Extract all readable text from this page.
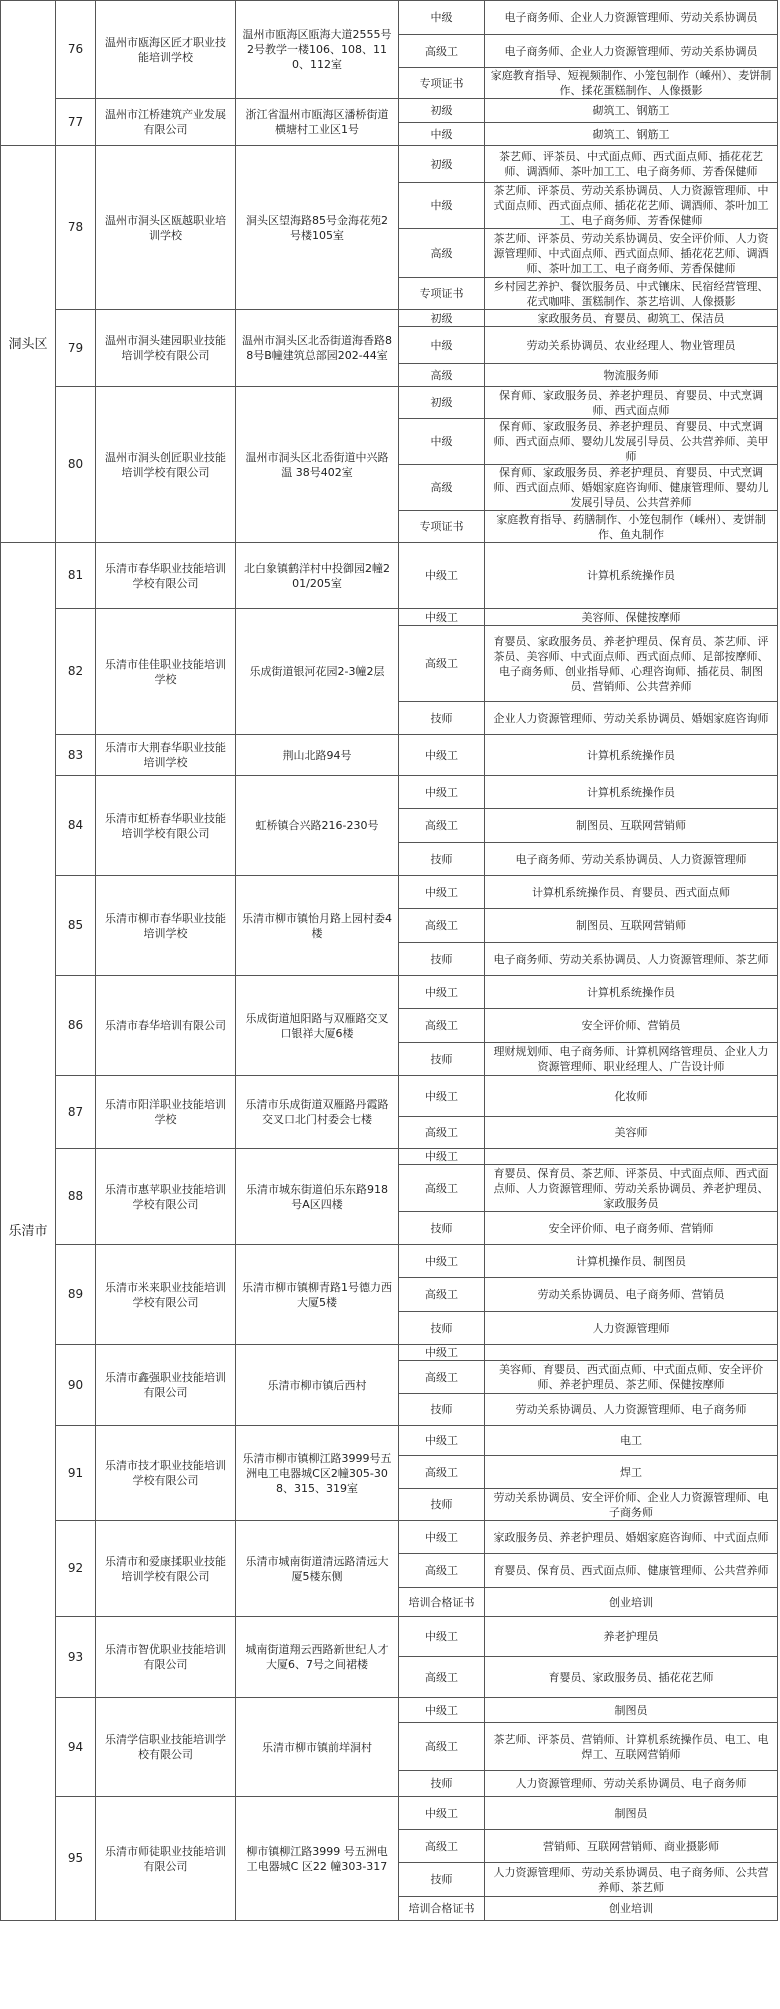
	76	温州市瓯海区匠才职业技能培训学校	温州市瓯海区瓯海大道2555号2号教学一楼106、108、110、112室	中级	电子商务师、企业人力资源管理师、劳动关系协调员
				高级工	电子商务师、企业人力资源管理师、劳动关系协调员
				专项证书	家庭教育指导、短视频制作、小笼包制作（嵊州）、麦饼制作、揉花蛋糕制作、人像摄影
	77	温州市江桥建筑产业发展有限公司	浙江省温州市瓯海区潘桥街道横塘村工业区1号	初级	砌筑工、钢筋工
				中级	砌筑工、钢筋工
洞头区	78	温州市洞头区瓯越职业培训学校	洞头区望海路85号金海花苑2号楼105室	初级	茶艺师、评茶员、中式面点师、西式面点师、插花花艺师、调酒师、茶叶加工工、电子商务师、芳香保健师
				中级	茶艺师、评茶员、劳动关系协调员、人力资源管理师、中式面点师、西式面点师、插花花艺师、调酒师、茶叶加工工、电子商务师、芳香保健师
				高级	茶艺师、评茶员、劳动关系协调员、安全评价师、人力资源管理师、中式面点师、西式面点师、插花花艺师、调酒师、茶叶加工工、电子商务师、芳香保健师
				专项证书	乡村园艺养护、餐饮服务员、中式镶床、民宿经营管理、花式咖啡、蛋糕制作、茶艺培训、人像摄影
	79	温州市洞头建园职业技能培训学校有限公司	温州市洞头区北岙街道海香路88号B幢建筑总部园202-44室	初级	家政服务员、育婴员、砌筑工、保洁员
				中级	劳动关系协调员、农业经理人、物业管理员
				高级	物流服务师
	80	温州市洞头创匠职业技能培训学校有限公司	温州市洞头区北岙街道中兴路 温 38号402室	初级	保育师、家政服务员、养老护理员、育婴员、中式烹调师、西式面点师
				中级	保育师、家政服务员、养老护理员、育婴员、中式烹调师、西式面点师、婴幼儿发展引导员、公共营养师、美甲师
				高级	保育师、家政服务员、养老护理员、育婴员、中式烹调师、西式面点师、婚姻家庭咨询师、健康管理师、婴幼儿发展引导员、公共营养师
				专项证书	家庭教育指导、药膳制作、小笼包制作（嵊州）、麦饼制作、鱼丸制作
乐清市	81	乐清市春华职业技能培训学校有限公司	北白象镇鹤洋村中投御园2幢201/205室	中级工	计算机系统操作员
	82	乐清市佳佳职业技能培训学校	乐成街道银河花园2-3幢2层	中级工	美容师、保健按摩师
				高级工	育婴员、家政服务员、养老护理员、保育员、茶艺师、评茶员、美容师、中式面点师、西式面点师、足部按摩师、电子商务师、创业指导师、心理咨询师、插花员、制图员、营销师、公共营养师
				技师	企业人力资源管理师、劳动关系协调员、婚姻家庭咨询师
	83	乐清市大荆春华职业技能培训学校	荆山北路94号	中级工	计算机系统操作员
	84	乐清市虹桥春华职业技能培训学校有限公司	虹桥镇合兴路216-230号	中级工	计算机系统操作员
				高级工	制图员、互联网营销师
				技师	电子商务师、劳动关系协调员、人力资源管理师
	85	乐清市柳市春华职业技能培训学校	乐清市柳市镇怡月路上园村委4楼	中级工	计算机系统操作员、育婴员、西式面点师
				高级工	制图员、互联网营销师
				技师	电子商务师、劳动关系协调员、人力资源管理师、茶艺师
	86	乐清市春华培训有限公司	乐成街道旭阳路与双雁路交叉口银祥大厦6楼	中级工	计算机系统操作员
				高级工	安全评价师、营销员
				技师	理财规划师、电子商务师、计算机网络管理员、企业人力资源管理师、职业经理人、广告设计师
	87	乐清市阳洋职业技能培训学校	乐清市乐成街道双雁路丹霞路交叉口北门村委会七楼	中级工	化妆师
				高级工	美容师
	88	乐清市惠苹职业技能培训学校有限公司	乐清市城东街道伯乐东路918号A区四楼	中级工	
				高级工	育婴员、保育员、茶艺师、评茶员、中式面点师、西式面点师、人力资源管理师、劳动关系协调员、养老护理员、家政服务员
				技师	安全评价师、电子商务师、营销师
	89	乐清市米来职业技能培训学校有限公司	乐清市柳市镇柳青路1号德力西大厦5楼	中级工	计算机操作员、制图员
				高级工	劳动关系协调员、电子商务师、营销员
				技师	人力资源管理师
	90	乐清市鑫强职业技能培训有限公司	乐清市柳市镇后西村	中级工	
				高级工	美容师、育婴员、西式面点师、中式面点师、安全评价师、养老护理员、茶艺师、保健按摩师
				技师	劳动关系协调员、人力资源管理师、电子商务师
	91	乐清市技才职业技能培训学校有限公司	乐清市柳市镇柳江路3999号五洲电工电器城C区2幢305-308、315、319室	中级工	电工
				高级工	焊工
				技师	劳动关系协调员、安全评价师、企业人力资源管理师、电子商务师
	92	乐清市和爱康揉职业技能培训学校有限公司	乐清市城南街道清远路清远大厦5楼东侧	中级工	家政服务员、养老护理员、婚姻家庭咨询师、中式面点师
				高级工	育婴员、保育员、西式面点师、健康管理师、公共营养师
				培训合格证书	创业培训
	93	乐清市智优职业技能培训有限公司	城南街道翔云西路新世纪人才大厦6、7号之间裙楼	中级工	养老护理员
				高级工	育婴员、家政服务员、插花花艺师
	94	乐清学信职业技能培训学校有限公司	乐清市柳市镇前垟洞村	中级工	制图员
				高级工	茶艺师、评茶员、营销师、计算机系统操作员、电工、电焊工、互联网营销师
				技师	人力资源管理师、劳动关系协调员、电子商务师
	95	乐清市师徒职业技能培训有限公司	柳市镇柳江路3999 号五洲电工电器城C 区22 幢303-317	中级工	制图员
				高级工	营销师、互联网营销师、商业摄影师
				技师	人力资源管理师、劳动关系协调员、电子商务师、公共营养师、茶艺师
				培训合格证书	创业培训
